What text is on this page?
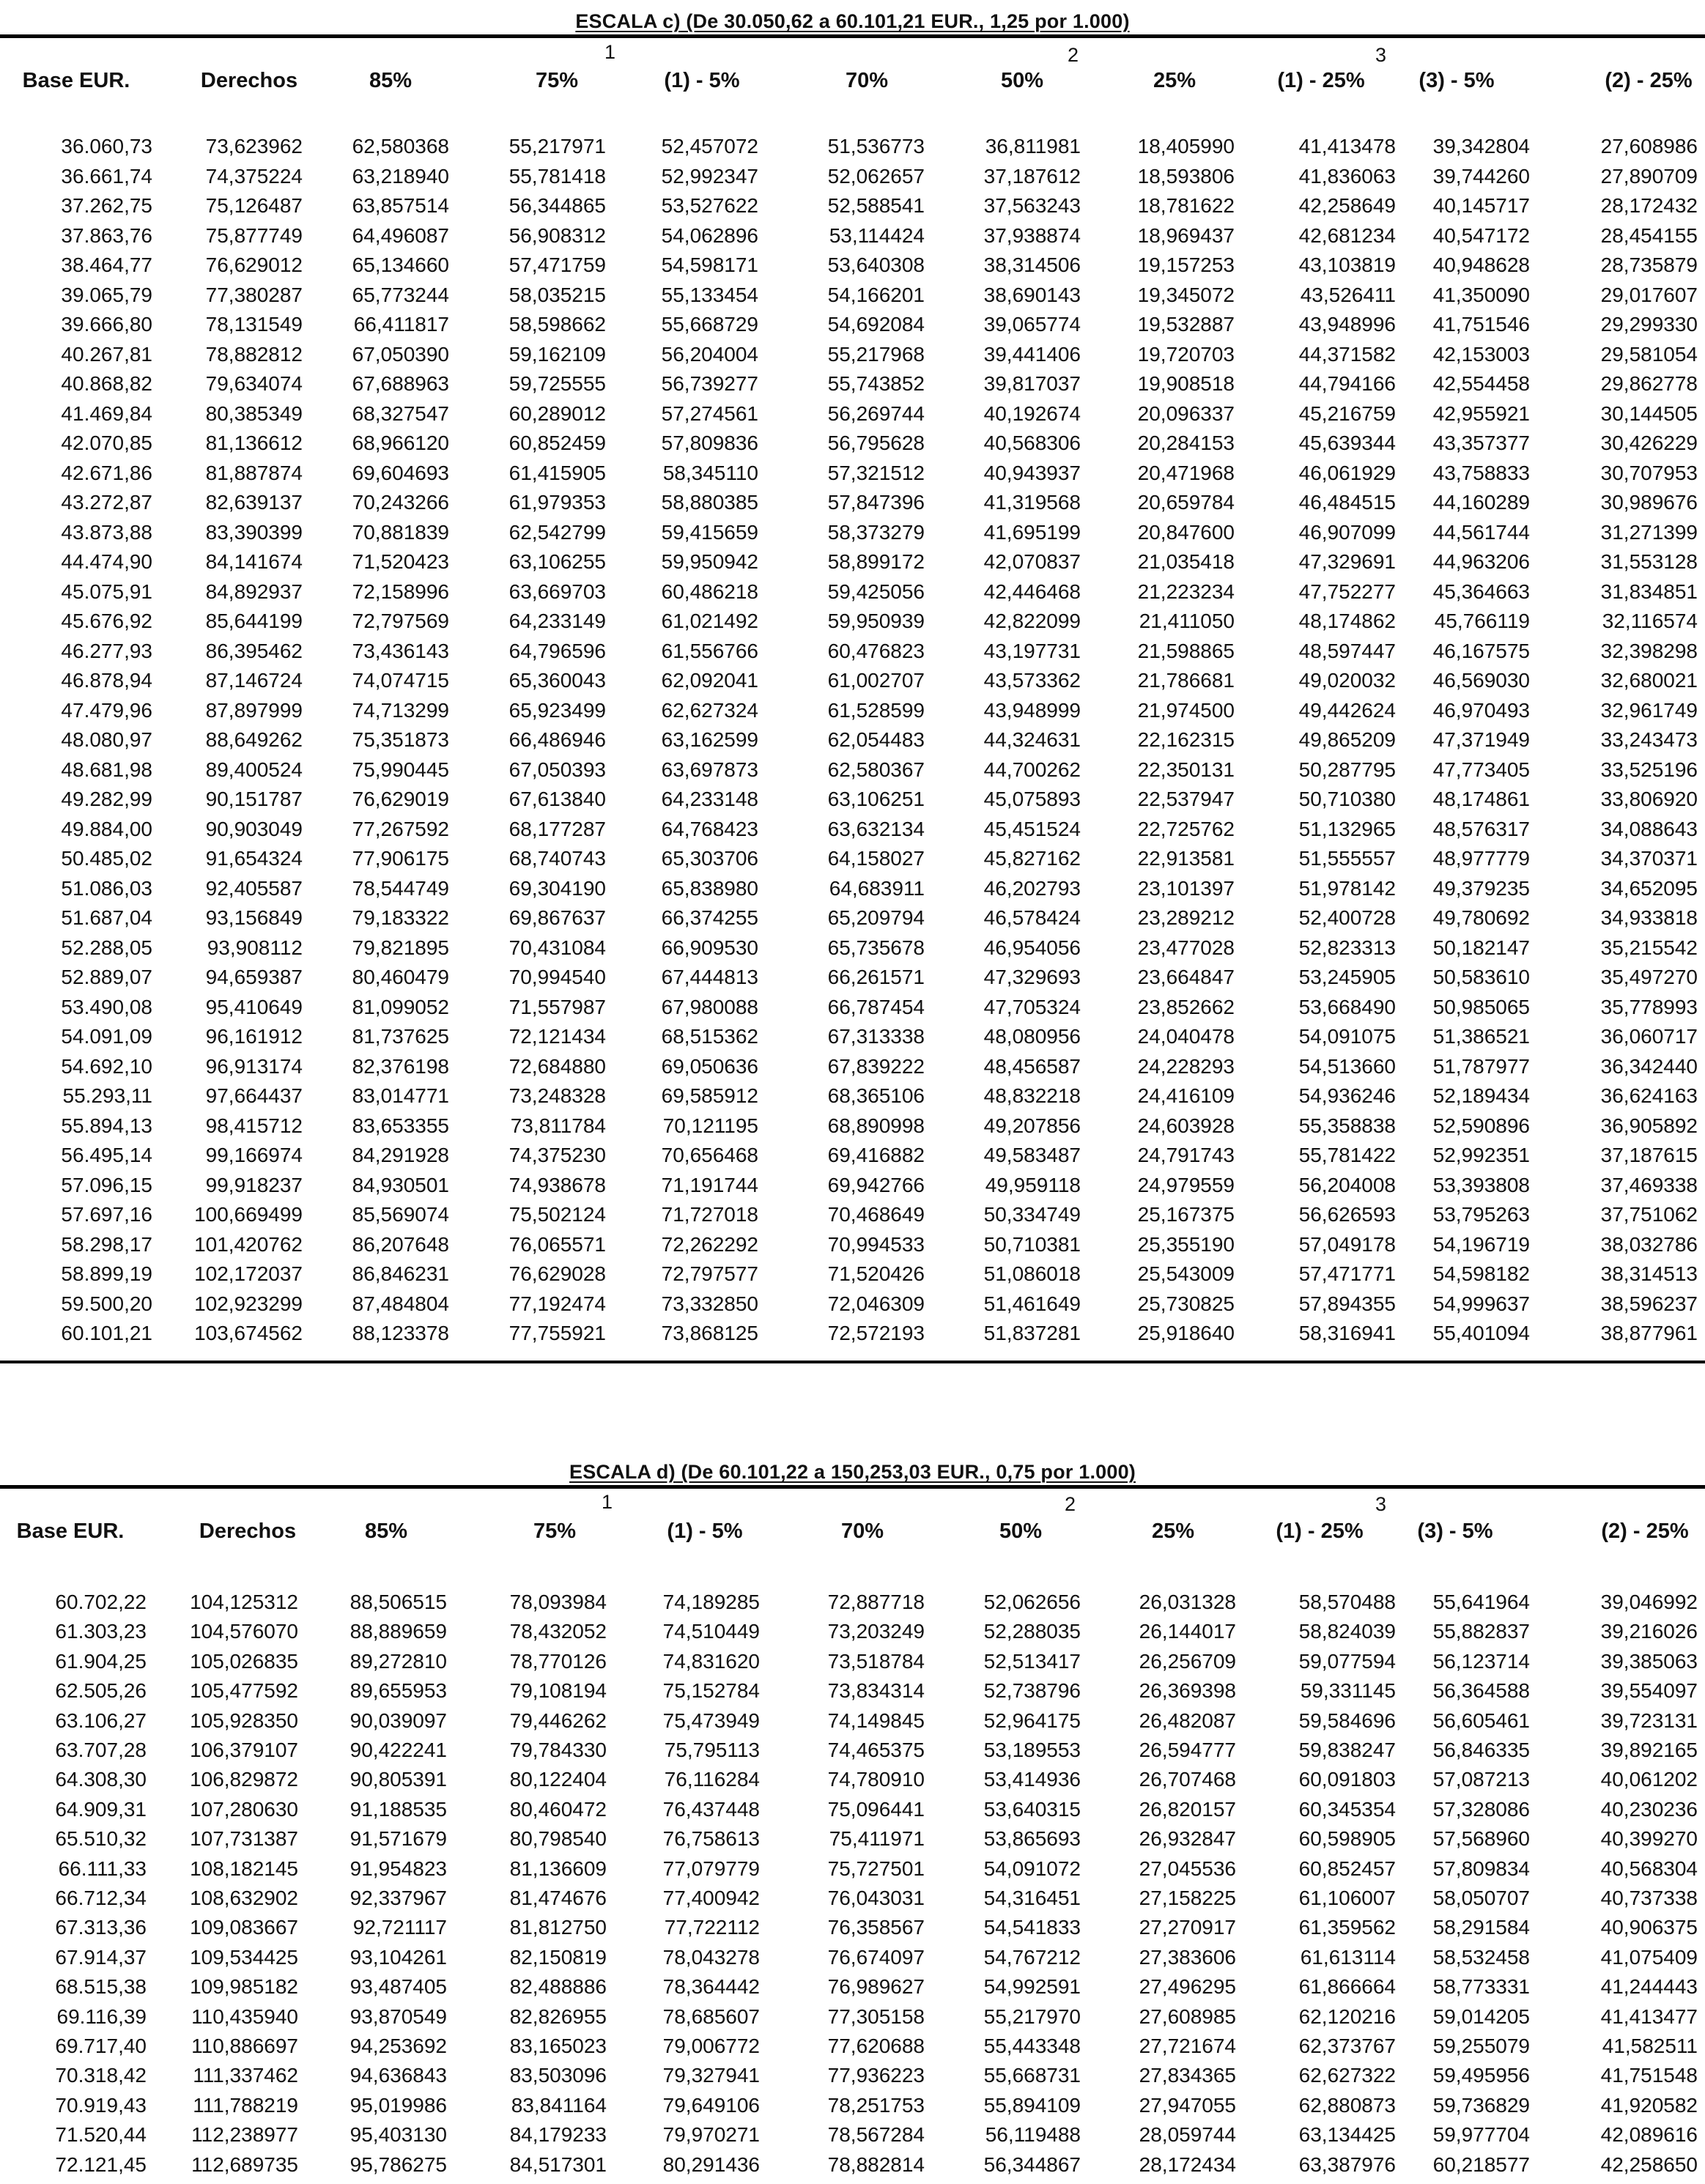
ESCALA c) (De 30.050,62 a 60.101,21 EUR., 1,25 por 1.000)
1	2	3
Base EUR.	Derechos	85%	75%	(1) - 5%	70%	50%	25%	(1) - 25%	(3) - 5%	(2) - 25%
36.060,73	73,623962	62,580368	55,217971	52,457072	51,536773	36,811981	18,405990	41,413478	39,342804	27,608986
36.661,74	74,375224	63,218940	55,781418	52,992347	52,062657	37,187612	18,593806	41,836063	39,744260	27,890709
37.262,75	75,126487	63,857514	56,344865	53,527622	52,588541	37,563243	18,781622	42,258649	40,145717	28,172432
37.863,76	75,877749	64,496087	56,908312	54,062896	53,114424	37,938874	18,969437	42,681234	40,547172	28,454155
38.464,77	76,629012	65,134660	57,471759	54,598171	53,640308	38,314506	19,157253	43,103819	40,948628	28,735879
39.065,79	77,380287	65,773244	58,035215	55,133454	54,166201	38,690143	19,345072	43,526411	41,350090	29,017607
39.666,80	78,131549	66,411817	58,598662	55,668729	54,692084	39,065774	19,532887	43,948996	41,751546	29,299330
40.267,81	78,882812	67,050390	59,162109	56,204004	55,217968	39,441406	19,720703	44,371582	42,153003	29,581054
40.868,82	79,634074	67,688963	59,725555	56,739277	55,743852	39,817037	19,908518	44,794166	42,554458	29,862778
41.469,84	80,385349	68,327547	60,289012	57,274561	56,269744	40,192674	20,096337	45,216759	42,955921	30,144505
42.070,85	81,136612	68,966120	60,852459	57,809836	56,795628	40,568306	20,284153	45,639344	43,357377	30,426229
42.671,86	81,887874	69,604693	61,415905	58,345110	57,321512	40,943937	20,471968	46,061929	43,758833	30,707953
43.272,87	82,639137	70,243266	61,979353	58,880385	57,847396	41,319568	20,659784	46,484515	44,160289	30,989676
43.873,88	83,390399	70,881839	62,542799	59,415659	58,373279	41,695199	20,847600	46,907099	44,561744	31,271399
44.474,90	84,141674	71,520423	63,106255	59,950942	58,899172	42,070837	21,035418	47,329691	44,963206	31,553128
45.075,91	84,892937	72,158996	63,669703	60,486218	59,425056	42,446468	21,223234	47,752277	45,364663	31,834851
45.676,92	85,644199	72,797569	64,233149	61,021492	59,950939	42,822099	21,411050	48,174862	45,766119	32,116574
46.277,93	86,395462	73,436143	64,796596	61,556766	60,476823	43,197731	21,598865	48,597447	46,167575	32,398298
46.878,94	87,146724	74,074715	65,360043	62,092041	61,002707	43,573362	21,786681	49,020032	46,569030	32,680021
47.479,96	87,897999	74,713299	65,923499	62,627324	61,528599	43,948999	21,974500	49,442624	46,970493	32,961749
48.080,97	88,649262	75,351873	66,486946	63,162599	62,054483	44,324631	22,162315	49,865209	47,371949	33,243473
48.681,98	89,400524	75,990445	67,050393	63,697873	62,580367	44,700262	22,350131	50,287795	47,773405	33,525196
49.282,99	90,151787	76,629019	67,613840	64,233148	63,106251	45,075893	22,537947	50,710380	48,174861	33,806920
49.884,00	90,903049	77,267592	68,177287	64,768423	63,632134	45,451524	22,725762	51,132965	48,576317	34,088643
50.485,02	91,654324	77,906175	68,740743	65,303706	64,158027	45,827162	22,913581	51,555557	48,977779	34,370371
51.086,03	92,405587	78,544749	69,304190	65,838980	64,683911	46,202793	23,101397	51,978142	49,379235	34,652095
51.687,04	93,156849	79,183322	69,867637	66,374255	65,209794	46,578424	23,289212	52,400728	49,780692	34,933818
52.288,05	93,908112	79,821895	70,431084	66,909530	65,735678	46,954056	23,477028	52,823313	50,182147	35,215542
52.889,07	94,659387	80,460479	70,994540	67,444813	66,261571	47,329693	23,664847	53,245905	50,583610	35,497270
53.490,08	95,410649	81,099052	71,557987	67,980088	66,787454	47,705324	23,852662	53,668490	50,985065	35,778993
54.091,09	96,161912	81,737625	72,121434	68,515362	67,313338	48,080956	24,040478	54,091075	51,386521	36,060717
54.692,10	96,913174	82,376198	72,684880	69,050636	67,839222	48,456587	24,228293	54,513660	51,787977	36,342440
55.293,11	97,664437	83,014771	73,248328	69,585912	68,365106	48,832218	24,416109	54,936246	52,189434	36,624163
55.894,13	98,415712	83,653355	73,811784	70,121195	68,890998	49,207856	24,603928	55,358838	52,590896	36,905892
56.495,14	99,166974	84,291928	74,375230	70,656468	69,416882	49,583487	24,791743	55,781422	52,992351	37,187615
57.096,15	99,918237	84,930501	74,938678	71,191744	69,942766	49,959118	24,979559	56,204008	53,393808	37,469338
57.697,16	100,669499	85,569074	75,502124	71,727018	70,468649	50,334749	25,167375	56,626593	53,795263	37,751062
58.298,17	101,420762	86,207648	76,065571	72,262292	70,994533	50,710381	25,355190	57,049178	54,196719	38,032786
58.899,19	102,172037	86,846231	76,629028	72,797577	71,520426	51,086018	25,543009	57,471771	54,598182	38,314513
59.500,20	102,923299	87,484804	77,192474	73,332850	72,046309	51,461649	25,730825	57,894355	54,999637	38,596237
60.101,21	103,674562	88,123378	77,755921	73,868125	72,572193	51,837281	25,918640	58,316941	55,401094	38,877961
ESCALA d) (De 60.101,22 a 150,253,03 EUR., 0,75 por 1.000)
1	2	3
Base EUR.	Derechos	85%	75%	(1) - 5%	70%	50%	25%	(1) - 25%	(3) - 5%	(2) - 25%
60.702,22	104,125312	88,506515	78,093984	74,189285	72,887718	52,062656	26,031328	58,570488	55,641964	39,046992
61.303,23	104,576070	88,889659	78,432052	74,510449	73,203249	52,288035	26,144017	58,824039	55,882837	39,216026
61.904,25	105,026835	89,272810	78,770126	74,831620	73,518784	52,513417	26,256709	59,077594	56,123714	39,385063
62.505,26	105,477592	89,655953	79,108194	75,152784	73,834314	52,738796	26,369398	59,331145	56,364588	39,554097
63.106,27	105,928350	90,039097	79,446262	75,473949	74,149845	52,964175	26,482087	59,584696	56,605461	39,723131
63.707,28	106,379107	90,422241	79,784330	75,795113	74,465375	53,189553	26,594777	59,838247	56,846335	39,892165
64.308,30	106,829872	90,805391	80,122404	76,116284	74,780910	53,414936	26,707468	60,091803	57,087213	40,061202
64.909,31	107,280630	91,188535	80,460472	76,437448	75,096441	53,640315	26,820157	60,345354	57,328086	40,230236
65.510,32	107,731387	91,571679	80,798540	76,758613	75,411971	53,865693	26,932847	60,598905	57,568960	40,399270
66.111,33	108,182145	91,954823	81,136609	77,079779	75,727501	54,091072	27,045536	60,852457	57,809834	40,568304
66.712,34	108,632902	92,337967	81,474676	77,400942	76,043031	54,316451	27,158225	61,106007	58,050707	40,737338
67.313,36	109,083667	92,721117	81,812750	77,722112	76,358567	54,541833	27,270917	61,359562	58,291584	40,906375
67.914,37	109,534425	93,104261	82,150819	78,043278	76,674097	54,767212	27,383606	61,613114	58,532458	41,075409
68.515,38	109,985182	93,487405	82,488886	78,364442	76,989627	54,992591	27,496295	61,866664	58,773331	41,244443
69.116,39	110,435940	93,870549	82,826955	78,685607	77,305158	55,217970	27,608985	62,120216	59,014205	41,413477
69.717,40	110,886697	94,253692	83,165023	79,006772	77,620688	55,443348	27,721674	62,373767	59,255079	41,582511
70.318,42	111,337462	94,636843	83,503096	79,327941	77,936223	55,668731	27,834365	62,627322	59,495956	41,751548
70.919,43	111,788219	95,019986	83,841164	79,649106	78,251753	55,894109	27,947055	62,880873	59,736829	41,920582
71.520,44	112,238977	95,403130	84,179233	79,970271	78,567284	56,119488	28,059744	63,134425	59,977704	42,089616
72.121,45	112,689735	95,786275	84,517301	80,291436	78,882814	56,344867	28,172434	63,387976	60,218577	42,258650
